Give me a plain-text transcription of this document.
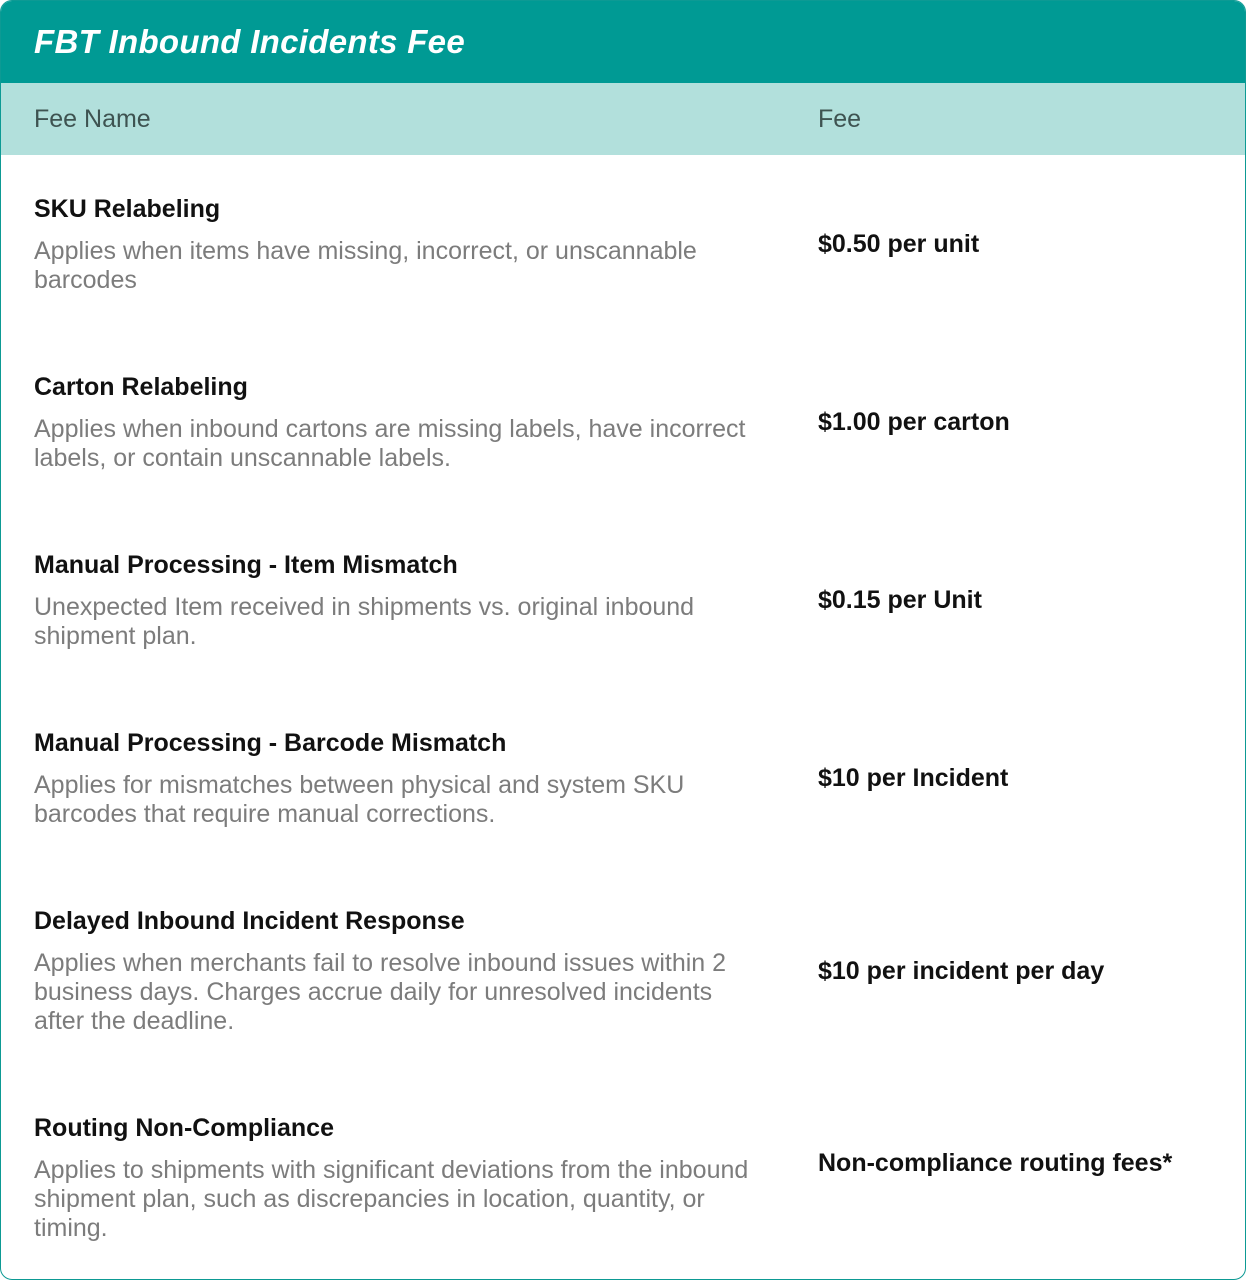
FBT Inbound Incidents Fee
Fee Name	Fee
SKU Relabeling
Applies when items have missing, incorrect, or unscannable barcodes
$0.50 per unit
Carton Relabeling
Applies when inbound cartons are missing labels, have incorrect labels, or contain unscannable labels.
$1.00 per carton
Manual Processing - Item Mismatch
Unexpected Item received in shipments vs. original inbound shipment plan.
$0.15 per Unit
Manual Processing - Barcode Mismatch
Applies for mismatches between physical and system SKU barcodes that require manual corrections.
$10 per Incident
Delayed Inbound Incident Response
Applies when merchants fail to resolve inbound issues within 2 business days. Charges accrue daily for unresolved incidents after the deadline.
$10 per incident per day
Routing Non-Compliance
Applies to shipments with significant deviations from the inbound shipment plan, such as discrepancies in location, quantity, or timing.
Non-compliance routing fees*
